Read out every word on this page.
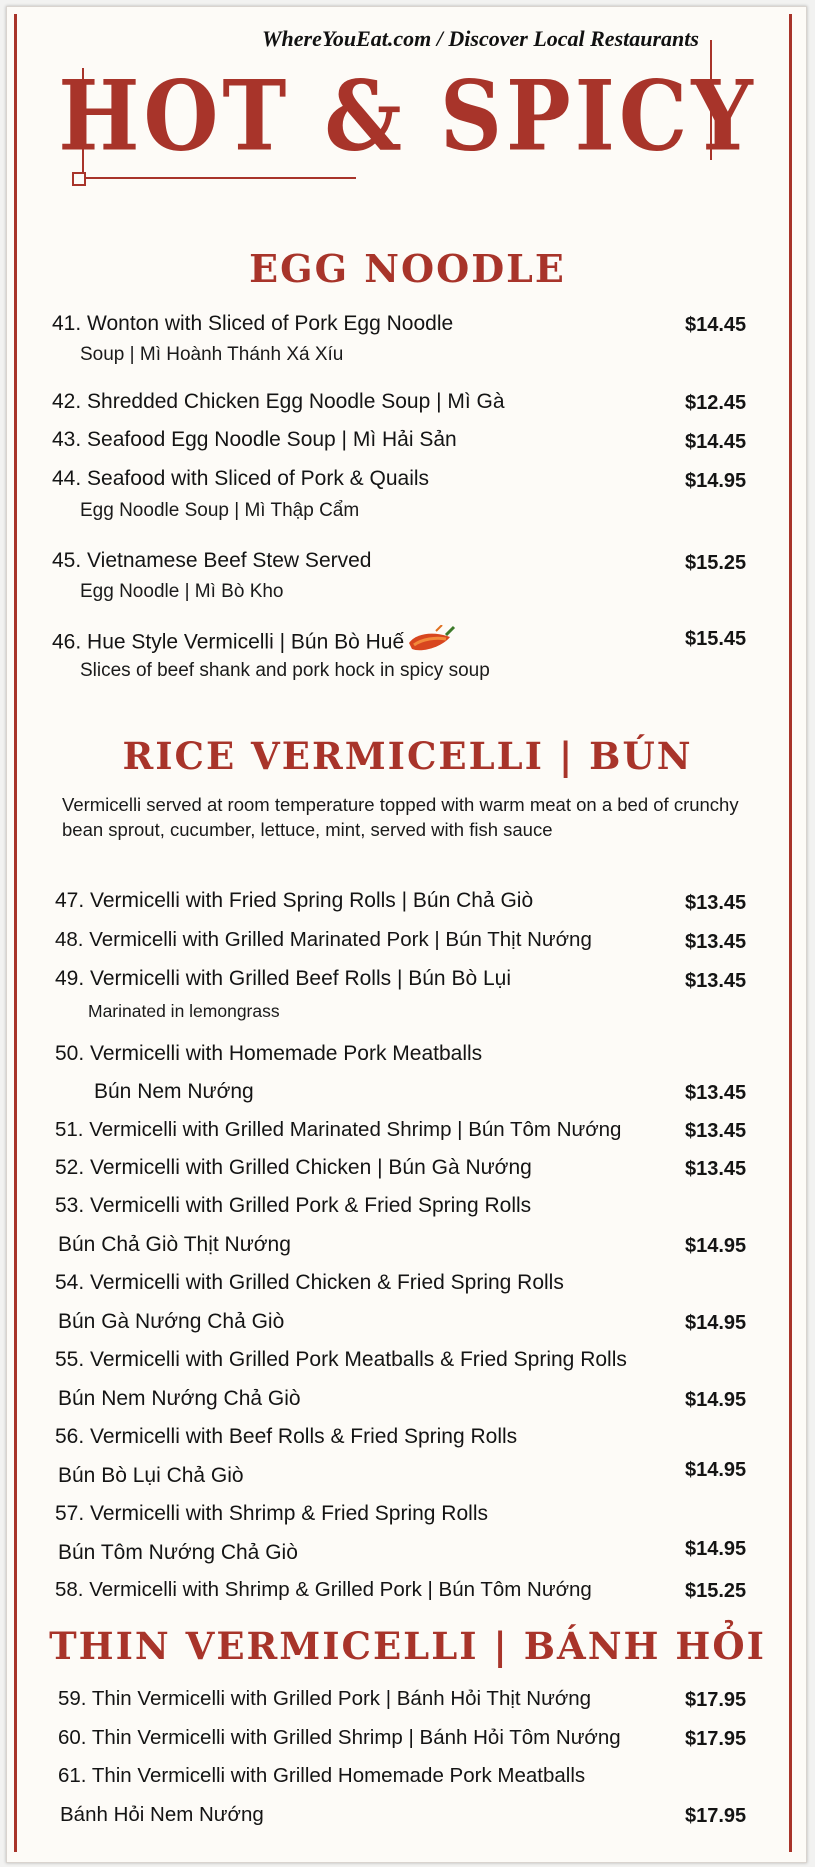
WhereYouEat.com / Discover Local Restaurants
HOT & SPICY
EGG NOODLE
41. Wonton with Sliced of Pork Egg Noodle
Soup | Mì Hoành Thánh Xá Xíu
$14.45
42. Shredded Chicken Egg Noodle Soup | Mì Gà	$12.45
43. Seafood Egg Noodle Soup | Mì Hải Sản	$14.45
44. Seafood with Sliced of Pork & Quails
Egg Noodle Soup | Mì Thập Cẩm
$14.95
45. Vietnamese Beef Stew Served
Egg Noodle | Mì Bò Kho
$15.25
46. Hue Style Vermicelli | Bún Bò Huế
Slices of beef shank and pork hock in spicy soup
$15.45
RICE VERMICELLI | BÚN
Vermicelli served at room temperature topped with warm meat on a bed of crunchy bean sprout, cucumber, lettuce, mint, served with fish sauce
47. Vermicelli with Fried Spring Rolls | Bún Chả Giò	$13.45
48. Vermicelli with Grilled Marinated Pork | Bún Thịt Nướng	$13.45
49. Vermicelli with Grilled Beef Rolls | Bún Bò Lụi
Marinated in lemongrass
$13.45
50. Vermicelli with Homemade Pork Meatballs
Bún Nem Nướng	$13.45
51. Vermicelli with Grilled Marinated Shrimp | Bún Tôm Nướng	$13.45
52. Vermicelli with Grilled Chicken | Bún Gà Nướng	$13.45
53. Vermicelli with Grilled Pork & Fried Spring Rolls
Bún Chả Giò Thịt Nướng	$14.95
54. Vermicelli with Grilled Chicken & Fried Spring Rolls
Bún Gà Nướng Chả Giò	$14.95
55. Vermicelli with Grilled Pork Meatballs & Fried Spring Rolls
Bún Nem Nướng Chả Giò	$14.95
56. Vermicelli with Beef Rolls & Fried Spring Rolls
Bún Bò Lụi Chả Giò	$14.95
57. Vermicelli with Shrimp & Fried Spring Rolls
Bún Tôm Nướng Chả Giò	$14.95
58. Vermicelli with Shrimp & Grilled Pork | Bún Tôm Nướng	$15.25
THIN VERMICELLI | BÁNH HỎI
59. Thin Vermicelli with Grilled Pork | Bánh Hỏi Thịt Nướng	$17.95
60. Thin Vermicelli with Grilled Shrimp | Bánh Hỏi Tôm Nướng	$17.95
61. Thin Vermicelli with Grilled Homemade Pork Meatballs
Bánh Hỏi Nem Nướng	$17.95
